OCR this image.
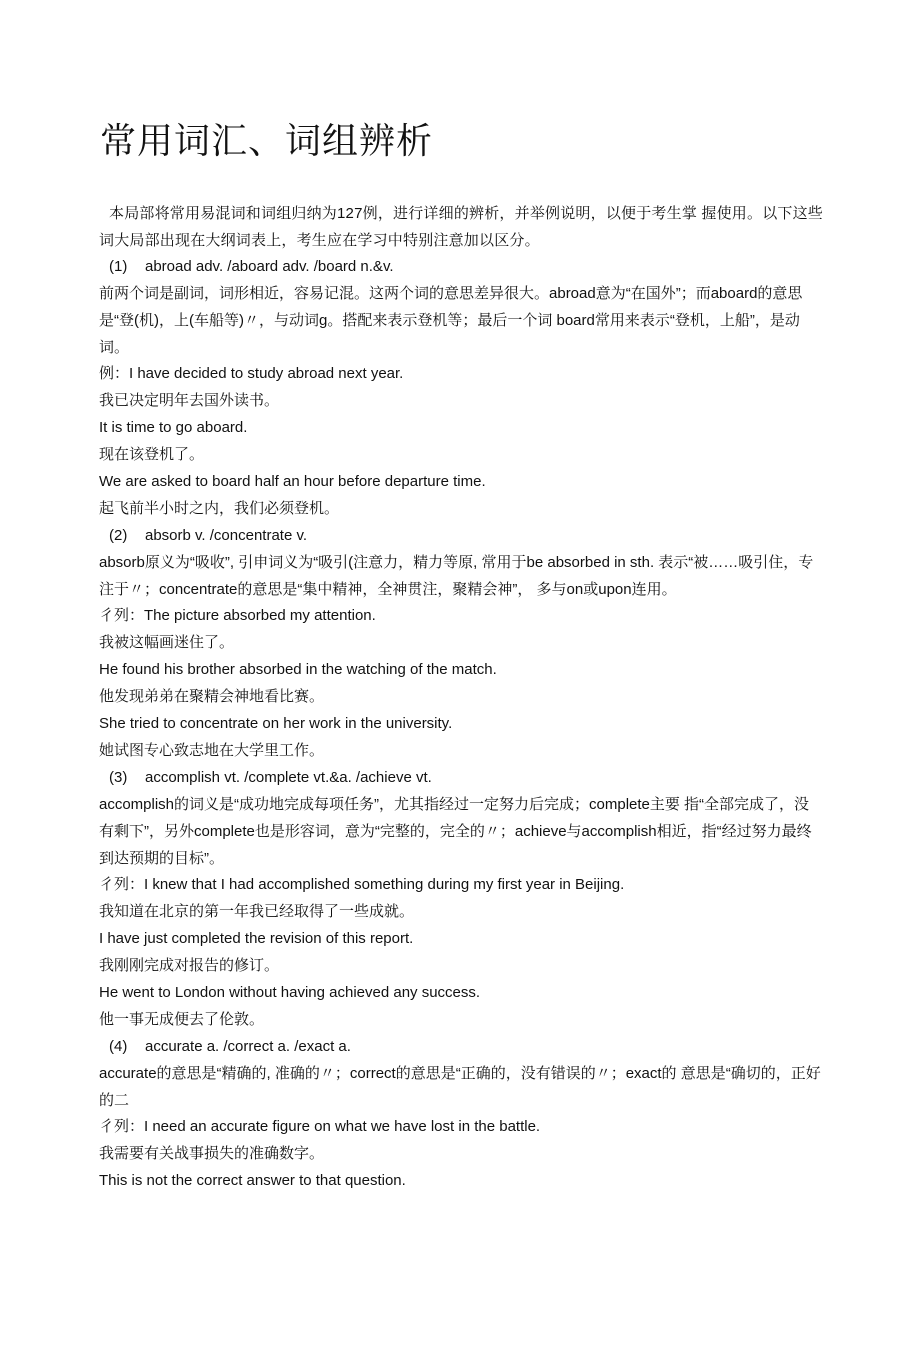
常用词汇、词组辨析

本局部将常用易混词和词组归纳为127例，进行详细的辨析，并举例说明，以便于考生掌 握使用。以下这些词大局部出现在大纲词表上，考生应在学习中特别注意加以区分。

(1) abroad adv. /aboard adv. /board n.&v.

前两个词是副词，词形相近，容易记混。这两个词的意思差异很大。abroad意为“在国外”；而aboard的意思是“登(机)，上(车船等)〃，与动词g。搭配来表示登机等；最后一个词 board常用来表示“登机，上船”，是动词。

例：I have decided to study abroad next year.

我已决定明年去国外读书。

It is time to go aboard.

现在该登机了。

We are asked to board half an hour before departure time.

起飞前半小时之内，我们必须登机。

(2) absorb v. /concentrate v.

absorb原义为“吸收”, 引申词义为“吸引(注意力，精力等原, 常用于be absorbed in sth. 表示“被……吸引住，专注于〃；concentrate的意思是“集中精神，全神贯注，聚精会神”， 多与on或upon连用。

彳列：The picture absorbed my attention.

我被这幅画迷住了。

He found his brother absorbed in the watching of the match.

他发现弟弟在聚精会神地看比赛。

She tried to concentrate on her work in the university.

她试图专心致志地在大学里工作。

(3) accomplish vt. /complete vt.&a. /achieve vt.

accomplish的词义是“成功地完成每项任务”，尤其指经过一定努力后完成；complete主要 指“全部完成了，没有剩下”，另外complete也是形容词，意为“完整的，完全的〃；achieve与accomplish相近，指“经过努力最终到达预期的目标”。

彳列：I knew that I had accomplished something during my first year in Beijing.

我知道在北京的第一年我已经取得了一些成就。

I have just completed the revision of this report.

我刚刚完成对报告的修订。

He went to London without having achieved any success.

他一事无成便去了伦敦。

(4) accurate a. /correct a. /exact a.

accurate的意思是“精确的, 准确的〃；correct的意思是“正确的，没有错误的〃；exact的 意思是“确切的，正好的二

彳列：I need an accurate figure on what we have lost in the battle.

我需要有关战事损失的准确数字。

This is not the correct answer to that question.
